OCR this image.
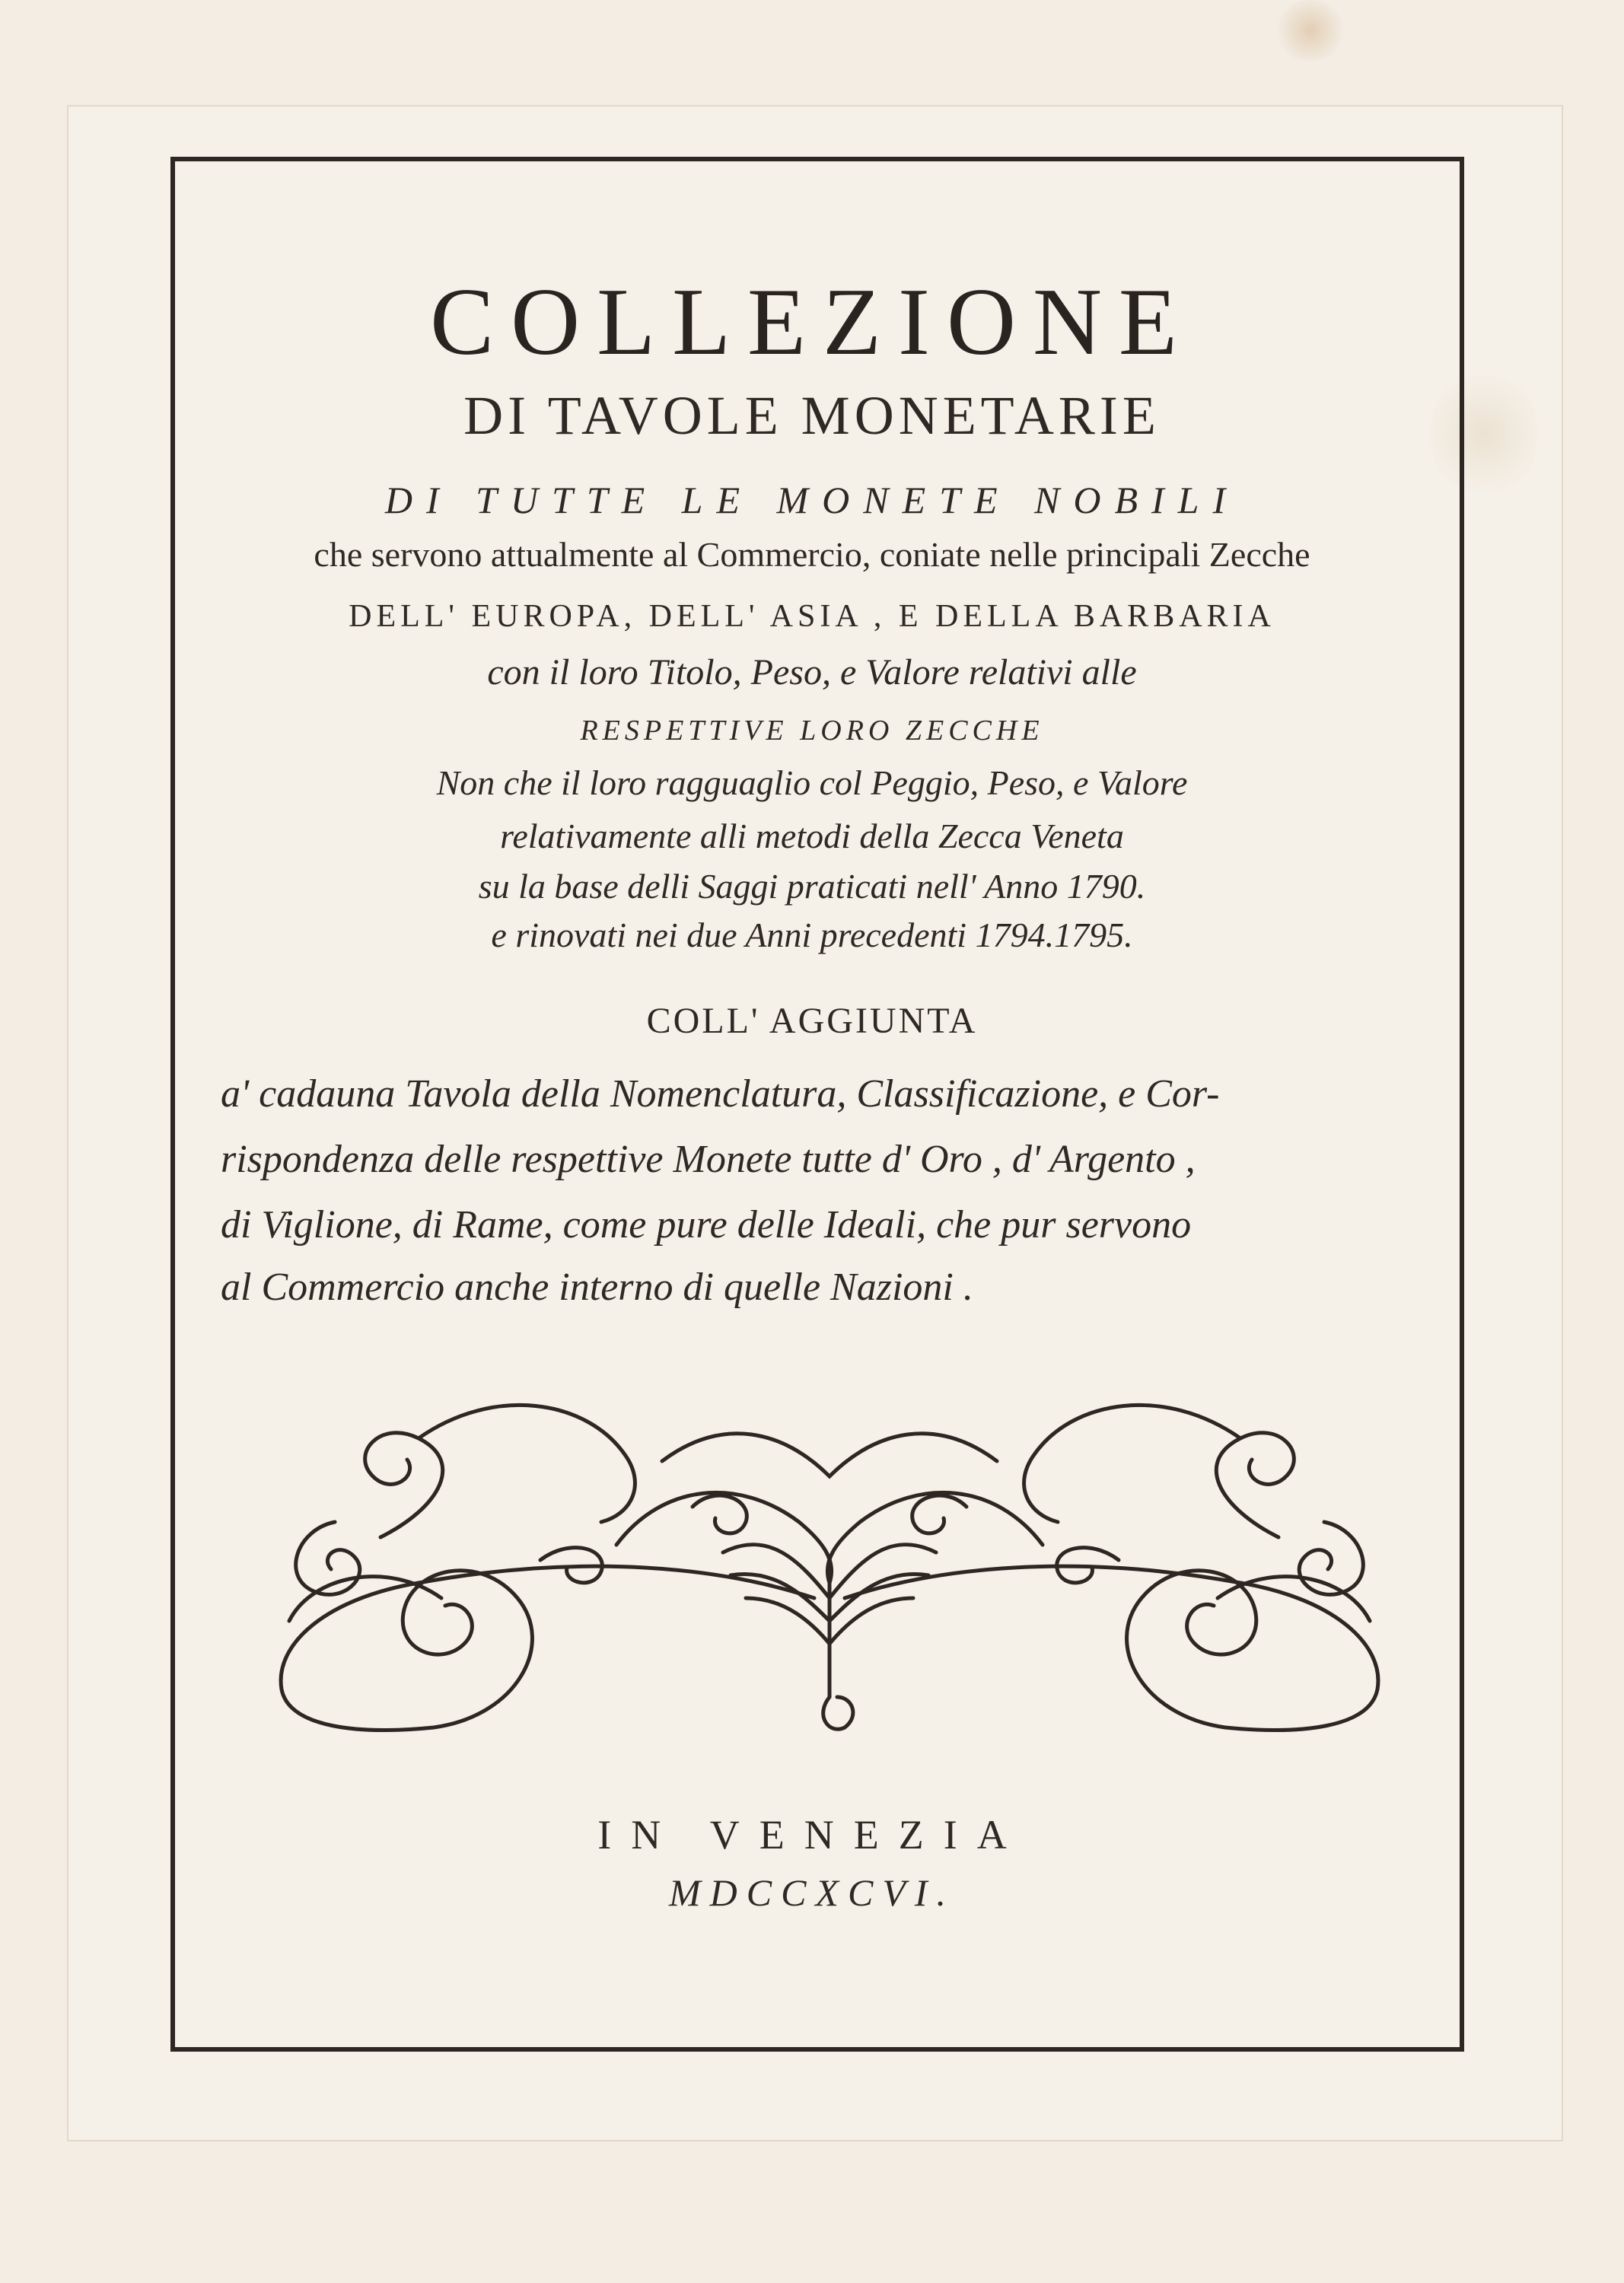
COLLEZIONE
DI TAVOLE MONETARIE
DI TUTTE LE MONETE NOBILI
che servono attualmente al Commercio, coniate nelle principali Zecche
DELL' EUROPA, DELL' ASIA , E DELLA BARBARIA
con il loro Titolo, Peso, e Valore relativi alle
RESPETTIVE LORO ZECCHE
Non che il loro ragguaglio col Peggio, Peso, e Valore
relativamente alli metodi della Zecca Veneta
su la base delli Saggi praticati nell' Anno 1790.
e rinovati nei due Anni precedenti 1794.1795.
COLL' AGGIUNTA
a' cadauna Tavola della Nomenclatura, Classificazione, e Cor-
rispondenza delle respettive Monete tutte d' Oro , d' Argento ,
di Viglione, di Rame, come pure delle Ideali, che pur servono
al Commercio anche interno di quelle Nazioni .
IN VENEZIA
MDCCXCVI.
